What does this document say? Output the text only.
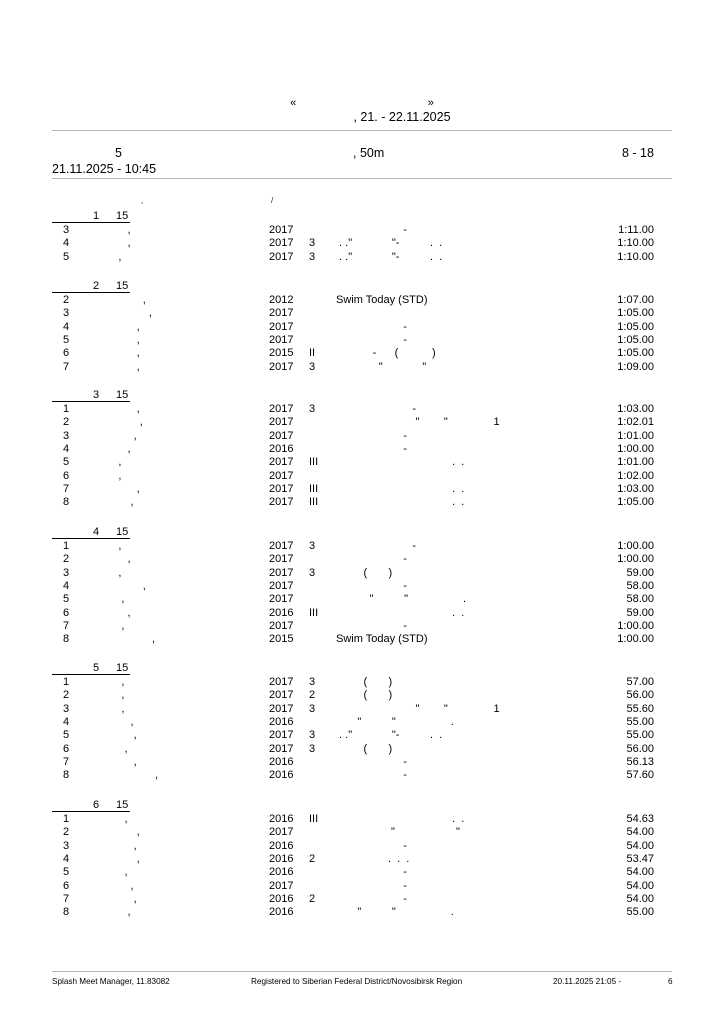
«                                           »
, 21. - 22.11.2025
5	, 50m	8 - 18
21.11.2025 - 10:45
,	/
1 15
3	,	2017	-	1:11.00
4	,	2017 3 . ."             "-          .  .	1:10.00
5	,	2017 3 . ."             "-          .  .	1:10.00
2 15
2	,	2012	Swim Today (STD)	1:07.00
3	,	2017	1:05.00
4	,	2017	-	1:05.00
5	,	2017	-	1:05.00
6	,	2015 II -      (           )	1:05.00
7	,	2017 3 "             "	1:09.00
3 15
1	,	2017 3 -	1:03.00
2	,	2017	"        "               1	1:02.01
3	,	2017	-	1:01.00
4	,	2016	-	1:00.00
5	,	2017 III .  .	1:01.00
6	,	2017	1:02.00
7	,	2017 III .  .	1:03.00
8	,	2017 III .  .	1:05.00
4 15
1	,	2017 3 -	1:00.00
2	,	2017	-	1:00.00
3	,	2017 3 (       )	59.00
4	,	2017	-	58.00
5	,	2017	"          "                  .	58.00
6	,	2016 III .  .	59.00
7	,	2017	-	1:00.00
8	,	2015	Swim Today (STD)	1:00.00
5 15
1	,	2017 3 (       )	57.00
2	,	2017 2 (       )	56.00
3	,	2017 3 "        "               1	55.60
4	,	2016	"          "                  .	55.00
5	,	2017 3 . ."             "-          .  .	55.00
6	,	2017 3 (       )	56.00
7	,	2016	-	56.13
8	,	2016	-	57.60
6 15
1	,	2016 III .  .	54.63
2	,	2017	"                    "	54.00
3	,	2016	-	54.00
4	,	2016 2 .  .  .	53.47
5	,	2016	-	54.00
6	,	2017	-	54.00
7	,	2016 2 -	54.00
8	,	2016	"          "                  .	55.00
Splash Meet Manager, 11.83082	Registered to Siberian Federal District/Novosibirsk Region	20.11.2025 21:05 -	6
